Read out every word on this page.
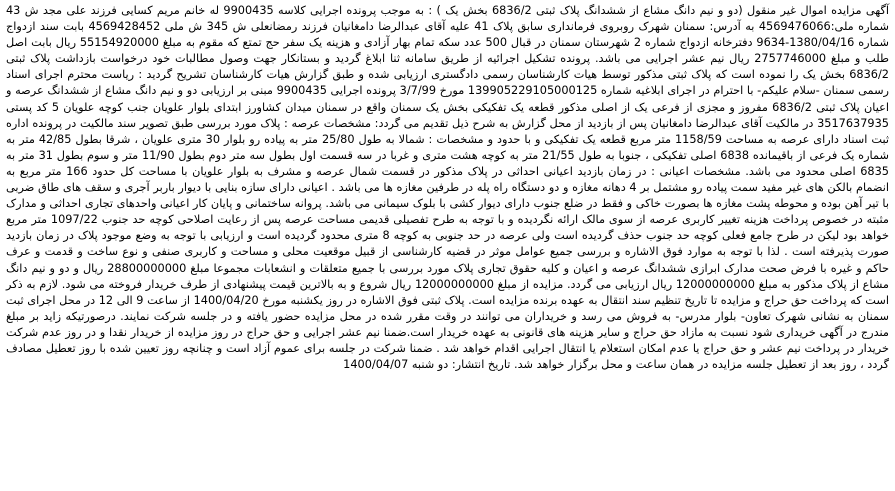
آگهی مزایده اموال غیر منقول (دو و نیم دانگ مشاع از ششدانگ پلاک ثبتی 6836/2 بخش یک ) : به موجب پرونده اجرایی کلاسه 9900435 له خانم مریم کسایی فرزند علی مجد ش 43 شماره ملی:4569476066 به آدرس: سمنان شهرک روبروی فرمانداری سابق پلاک 41 علیه آقای عبدالرضا دامغانیان فرزند رمضانعلی ش 345 ش ملی 4569428452 بابت سند ازدواج شماره 1380/04/16-9634 دفترخانه ازدواج شماره 2 شهرستان سمنان در قبال 500 عدد سکه تمام بهار آزادی و هزینه یک سفر حج تمتع که مقوم به مبلغ 55154920000 ریال بابت اصل طلب و مبلغ 2757746000 ریال نیم عشر اجرایی می باشد. پرونده تشکیل اجرائیه از طریق سامانه ثنا ابلاغ گردید و بستانکار جهت وصول مطالبات خود درخواست بازداشت پلاک ثبتی 6836/2 بخش یک را نموده است که پلاک ثبتی مذکور توسط هیات کارشناسان رسمی دادگستری ارزیابی شده و طبق گزارش هیات کارشناسان تشریح گردید : ریاست محترم اجرای اسناد رسمی سمنان -سلام علیکم- با احترام در اجرای ابلاغیه شماره 139905229105000125 مورخ 3/7/99 پرونده اجرایی 9900435 مبنی بر ارزیابی دو و نیم دانگ مشاع از ششدانگ عرصه و اعیان پلاک ثبتی 6836/2 مفروز و مجزی از فرعی یک از اصلی مذکور قطعه یک تفکیکی بخش یک سمنان واقع در سمنان میدان کشاورز ابتدای بلوار علویان جنب کوچه علویان 5 کد پستی 3517637935 در مالکیت آقای عبدالرضا دامغانیان پس از بازدید از محل گزارش به شرح ذیل تقدیم می گردد: مشخصات عرصه : پلاک مورد بررسی طبق تصویر سند مالکیت در پرونده اداره ثبت اسناد دارای عرصه به مساحت 1158/59 متر مربع قطعه یک تفکیکی و با حدود و مشخصات : شمالا به طول 25/80 متر به پیاده رو بلوار 30 متری علویان ، شرقا بطول 42/85 متر به شماره یک فرعی از باقیمانده 6838 اصلی تفکیکی ، جنوبا به طول 21/55 متر به کوچه هشت متری و غربا در سه قسمت اول بطول سه متر دوم بطول 11/90 متر و سوم بطول 31 متر به 6835 اصلی محدود می باشد. مشخصات اعیانی : در زمان بازدید اعیانی احداثی در پلاک مذکور در قسمت شمال عرصه و مشرف به بلوار علویان با مساحت کل حدود 166 متر مربع به انضمام بالکن های غیر مفید سمت پیاده رو مشتمل بر 4 دهانه مغازه و دو دستگاه راه پله در طرفین مغازه ها می باشد . اعیانی دارای سازه بنایی با دیوار باربر آجری و سقف های طاق ضربی با تیر آهن بوده و محوطه پشت مغازه ها بصورت خاکی و فقط در ضلع جنوب دارای دیوار کشی با بلوک سیمانی می باشد. پروانه ساختمانی و پایان کار اعیانی واحدهای تجاری احداثی و مدارک مثبته در خصوص پرداخت هزینه تغییر کاربری عرصه از سوی مالک ارائه نگردیده و با توجه به طرح تفصیلی قدیمی مساحت عرصه پس از رعایت اصلاحی کوچه حد جنوب 1097/22 متر مربع خواهد بود لیکن در طرح جامع فعلی کوچه حد جنوب حذف گردیده است ولی عرصه در حد جنوبی به کوچه 8 متری محدود گردیده است و ارزیابی با توجه به وضع موجود پلاک در زمان بازدید صورت پذیرفته است . لذا با توجه به موارد فوق الاشاره و بررسی جمیع عوامل موثر در قضیه کارشناسی از قبیل موقعیت محلی و مساحت و کاربری صنفی و نوع ساخت و قدمت و عرف حاکم و غیره با فرض صحت مدارک ابرازی ششدانگ عرصه و اعیان و کلیه حقوق تجاری پلاک مورد بررسی با جمیع متعلقات و انشعابات مجموعا مبلغ 28800000000 ریال و دو و نیم دانگ مشاع از پلاک مذکور به مبلغ 12000000000 ریال ارزیابی می گردد. مزایده از مبلغ 12000000000 ریال شروع و به بالاترین قیمت پیشنهادی از طرف خریدار فروخته می شود. لازم به ذکر است که پرداخت حق حراج و مزایده تا تاریخ تنظیم سند انتقال به عهده برنده مزایده است. پلاک ثبتی فوق الاشاره در روز یکشنبه مورخ 1400/04/20 از ساعت 9 الی 12 در محل اجرای ثبت سمنان به نشانی شهرک تعاون- بلوار مدرس- به فروش می رسد و خریداران می توانند در وقت مقرر شده در محل مزایده حضور یافته و در جلسه شرکت نمایند. درصورتیکه زاید بر مبلغ مندرج در آگهی خریداری شود نسبت به مازاد حق حراج و سایر هزینه های قانونی به عهده خریدار است.ضمنا نیم عشر اجرایی و حق حراج در روز مزایده از خریدار نقدا و در روز عدم شرکت خریدار در پرداخت نیم عشر و حق حراج یا عدم امکان استعلام یا انتقال اجرایی اقدام خواهد شد . ضمنا شرکت در جلسه برای عموم آزاد است و چنانچه روز تعیین شده با روز تعطیل مصادف گردد ، روز بعد از تعطیل جلسه مزایده در همان ساعت و محل برگزار خواهد شد. تاریخ انتشار: دو شنبه 1400/04/07
